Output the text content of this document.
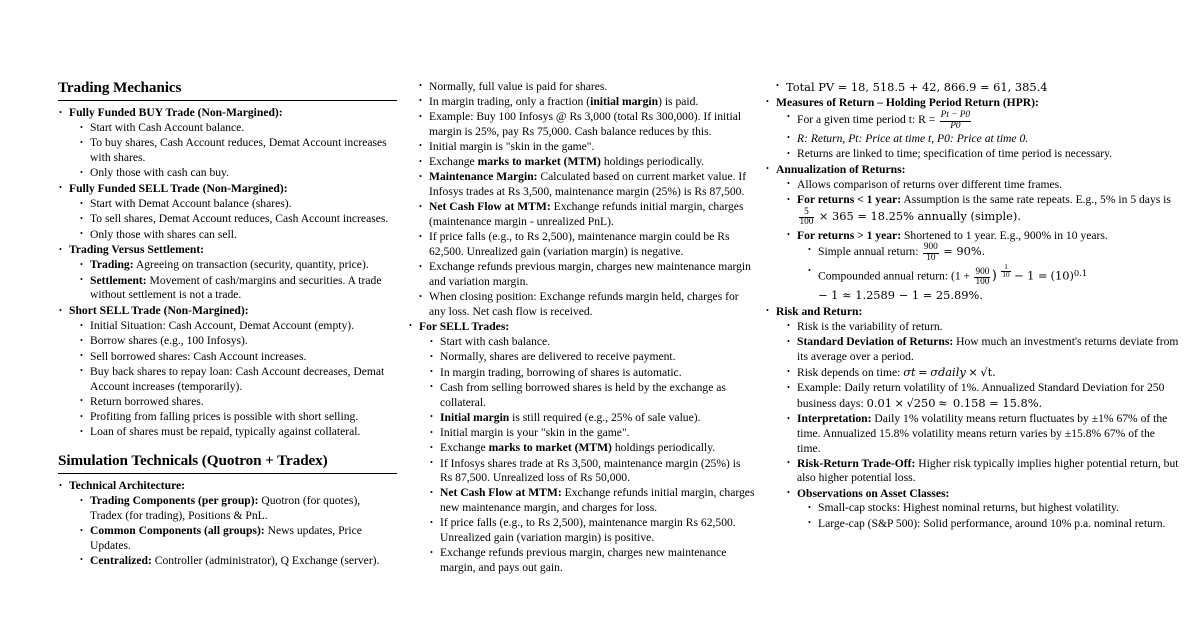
Trading Mechanics
• Fully Funded BUY Trade (Non-Margined):
• Start with Cash Account balance.
• To buy shares, Cash Account reduces, Demat Account increases with shares.
• Only those with cash can buy.
• Fully Funded SELL Trade (Non-Margined):
• Start with Demat Account balance (shares).
• To sell shares, Demat Account reduces, Cash Account increases.
• Only those with shares can sell.
• Trading Versus Settlement:
• Trading: Agreeing on transaction (security, quantity, price).
• Settlement: Movement of cash/margins and securities. A trade without settlement is not a trade.
• Short SELL Trade (Non-Margined):
• Initial Situation: Cash Account, Demat Account (empty).
• Borrow shares (e.g., 100 Infosys).
• Sell borrowed shares: Cash Account increases.
• Buy back shares to repay loan: Cash Account decreases, Demat Account increases (temporarily).
• Return borrowed shares.
• Profiting from falling prices is possible with short selling.
• Loan of shares must be repaid, typically against collateral.
Simulation Technicals (Quotron + Tradex)
• Technical Architecture:
• Trading Components (per group): Quotron (for quotes), Tradex (for trading), Positions & PnL.
• Common Components (all groups): News updates, Price Updates.
• Centralized: Controller (administrator), Q Exchange (server).
• Normally, full value is paid for shares.
• In margin trading, only a fraction (initial margin) is paid.
• Example: Buy 100 Infosys @ Rs 3,000 (total Rs 300,000). If initial margin is 25%, pay Rs 75,000. Cash balance reduces by this.
• Initial margin is "skin in the game".
• Exchange marks to market (MTM) holdings periodically.
• Maintenance Margin: Calculated based on current market value. If Infosys trades at Rs 3,500, maintenance margin (25%) is Rs 87,500.
• Net Cash Flow at MTM: Exchange refunds initial margin, charges (maintenance margin - unrealized PnL).
• If price falls (e.g., to Rs 2,500), maintenance margin could be Rs 62,500. Unrealized gain (variation margin) is negative.
• Exchange refunds previous margin, charges new maintenance margin and variation margin.
• When closing position: Exchange refunds margin held, charges for any loss. Net cash flow is received.
• For SELL Trades:
• Start with cash balance.
• Normally, shares are delivered to receive payment.
• In margin trading, borrowing of shares is automatic.
• Cash from selling borrowed shares is held by the exchange as collateral.
• Initial margin is still required (e.g., 25% of sale value).
• Initial margin is your "skin in the game".
• Exchange marks to market (MTM) holdings periodically.
• If Infosys shares trade at Rs 3,500, maintenance margin (25%) is Rs 87,500. Unrealized loss of Rs 50,000.
• Net Cash Flow at MTM: Exchange refunds initial margin, charges new maintenance margin, and charges for loss.
• If price falls (e.g., to Rs 2,500), maintenance margin Rs 62,500. Unrealized gain (variation margin) is positive.
• Exchange refunds previous margin, charges new maintenance margin, and pays out gain.
• Total PV = 18, 518.5 + 42, 866.9 = 61, 385.4
• Measures of Return – Holding Period Return (HPR):
• For a given time period t: $R = \frac{Pt - P0}{P0}$
• R: Return, Pt: Price at time t, P0: Price at time 0.
• Returns are linked to time; specification of time period is necessary.
• Annualization of Returns:
• Allows comparison of returns over different time frames.
• For returns < 1 year: Assumption is the same rate repeats. E.g., 5% in 5 days is
$\frac{5}{100} \times 365 = 18.25\%$ annually (simple).
• For returns > 1 year: Shortened to 1 year. E.g., 900% in 10 years.
• Simple annual return: $\frac{900}{10} = 90\%$.
• Compounded annual return: ($1 + \frac{900}{100}$ ) $\frac{1}{10} - 1 = (10)^{0.1} - 1 \approx 1.2589 - 1 = 25.89\%$.
• Risk and Return:
• Risk is the variability of return.
• Standard Deviation of Returns: How much an investment's returns deviate from its average over a period.
• Risk depends on time: σt = σdaily × √t.
• Example: Daily return volatility of 1%. Annualized Standard Deviation for 250 business days: 0.01 × √250 ≈ 0.158 = 15.8%.
• Interpretation: Daily 1% volatility means return fluctuates by ±1% 67% of the time. Annualized 15.8% volatility means return varies by ±15.8% 67% of the time.
• Risk-Return Trade-Off: Higher risk typically implies higher potential return, but also higher potential loss.
• Observations on Asset Classes:
• Small-cap stocks: Highest nominal returns, but highest volatility.
• Large-cap (S&P 500): Solid performance, around 10% p.a. nominal return.
